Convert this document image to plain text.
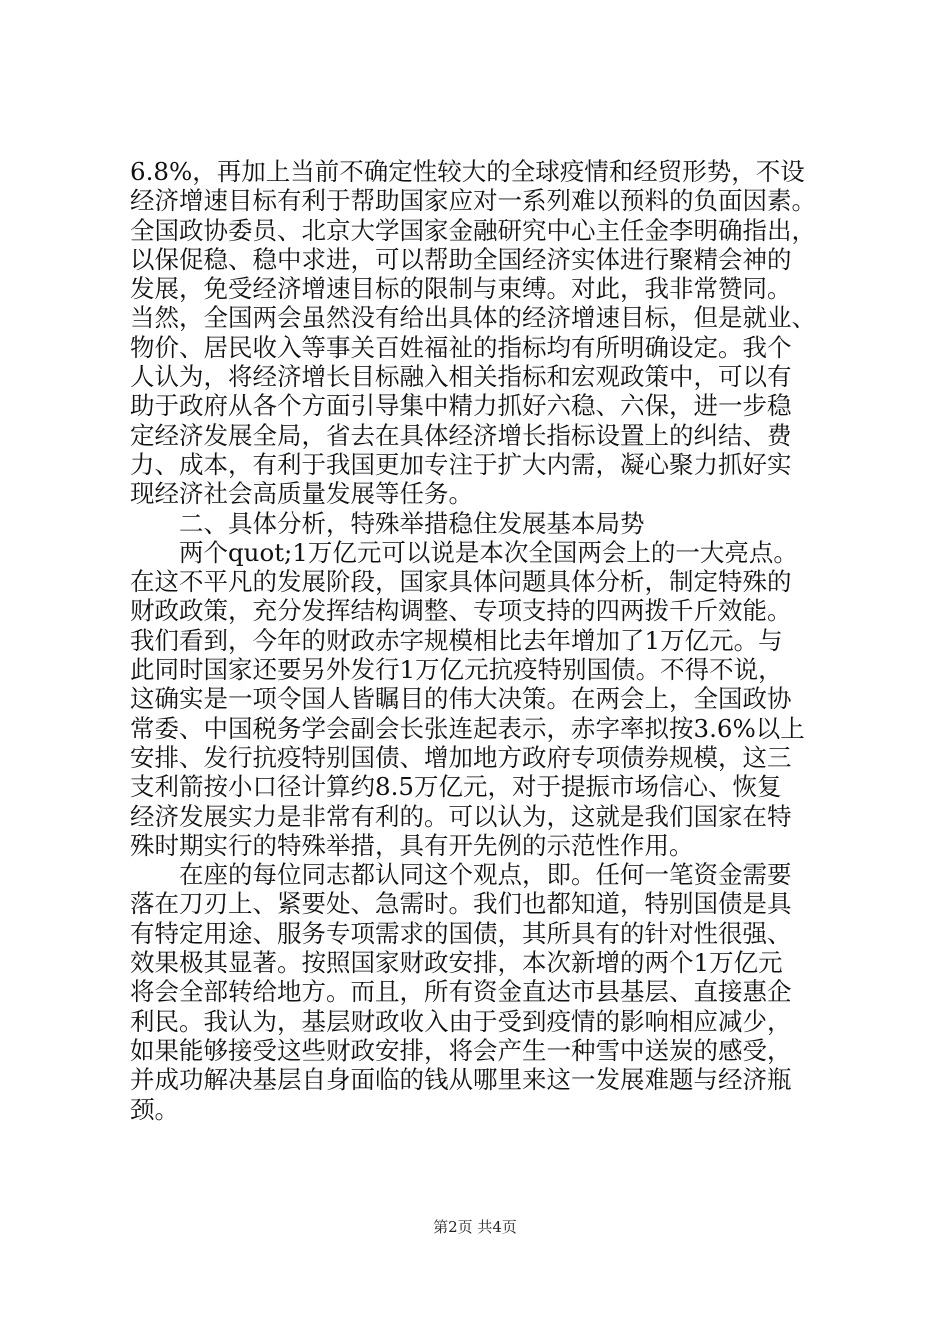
6.8%，再加上当前不确定性较大的全球疫情和经贸形势，不设
经济增速目标有利于帮助国家应对一系列难以预料的负面因素。
全国政协委员、北京大学国家金融研究中心主任金李明确指出，
以保促稳、稳中求进，可以帮助全国经济实体进行聚精会神的
发展，免受经济增速目标的限制与束缚。对此，我非常赞同。
当然，全国两会虽然没有给出具体的经济增速目标，但是就业、
物价、居民收入等事关百姓福祉的指标均有所明确设定。我个
人认为，将经济增长目标融入相关指标和宏观政策中，可以有
助于政府从各个方面引导集中精力抓好六稳、六保，进一步稳
定经济发展全局，省去在具体经济增长指标设置上的纠结、费
力、成本，有利于我国更加专注于扩大内需，凝心聚力抓好实
现经济社会高质量发展等任务。
　　二、具体分析，特殊举措稳住发展基本局势
　　两个quot;1万亿元可以说是本次全国两会上的一大亮点。
在这不平凡的发展阶段，国家具体问题具体分析，制定特殊的
财政政策，充分发挥结构调整、专项支持的四两拨千斤效能。
我们看到，今年的财政赤字规模相比去年增加了1万亿元。与
此同时国家还要另外发行1万亿元抗疫特别国债。不得不说，
这确实是一项令国人皆瞩目的伟大决策。在两会上，全国政协
常委、中国税务学会副会长张连起表示，赤字率拟按3.6%以上
安排、发行抗疫特别国债、增加地方政府专项债券规模，这三
支利箭按小口径计算约8.5万亿元，对于提振市场信心、恢复
经济发展实力是非常有利的。可以认为，这就是我们国家在特
殊时期实行的特殊举措，具有开先例的示范性作用。
　　在座的每位同志都认同这个观点，即。任何一笔资金需要
落在刀刃上、紧要处、急需时。我们也都知道，特别国债是具
有特定用途、服务专项需求的国债，其所具有的针对性很强、
效果极其显著。按照国家财政安排，本次新增的两个1万亿元
将会全部转给地方。而且，所有资金直达市县基层、直接惠企
利民。我认为，基层财政收入由于受到疫情的影响相应减少，
如果能够接受这些财政安排，将会产生一种雪中送炭的感受，
并成功解决基层自身面临的钱从哪里来这一发展难题与经济瓶
颈。
第2页 共4页
